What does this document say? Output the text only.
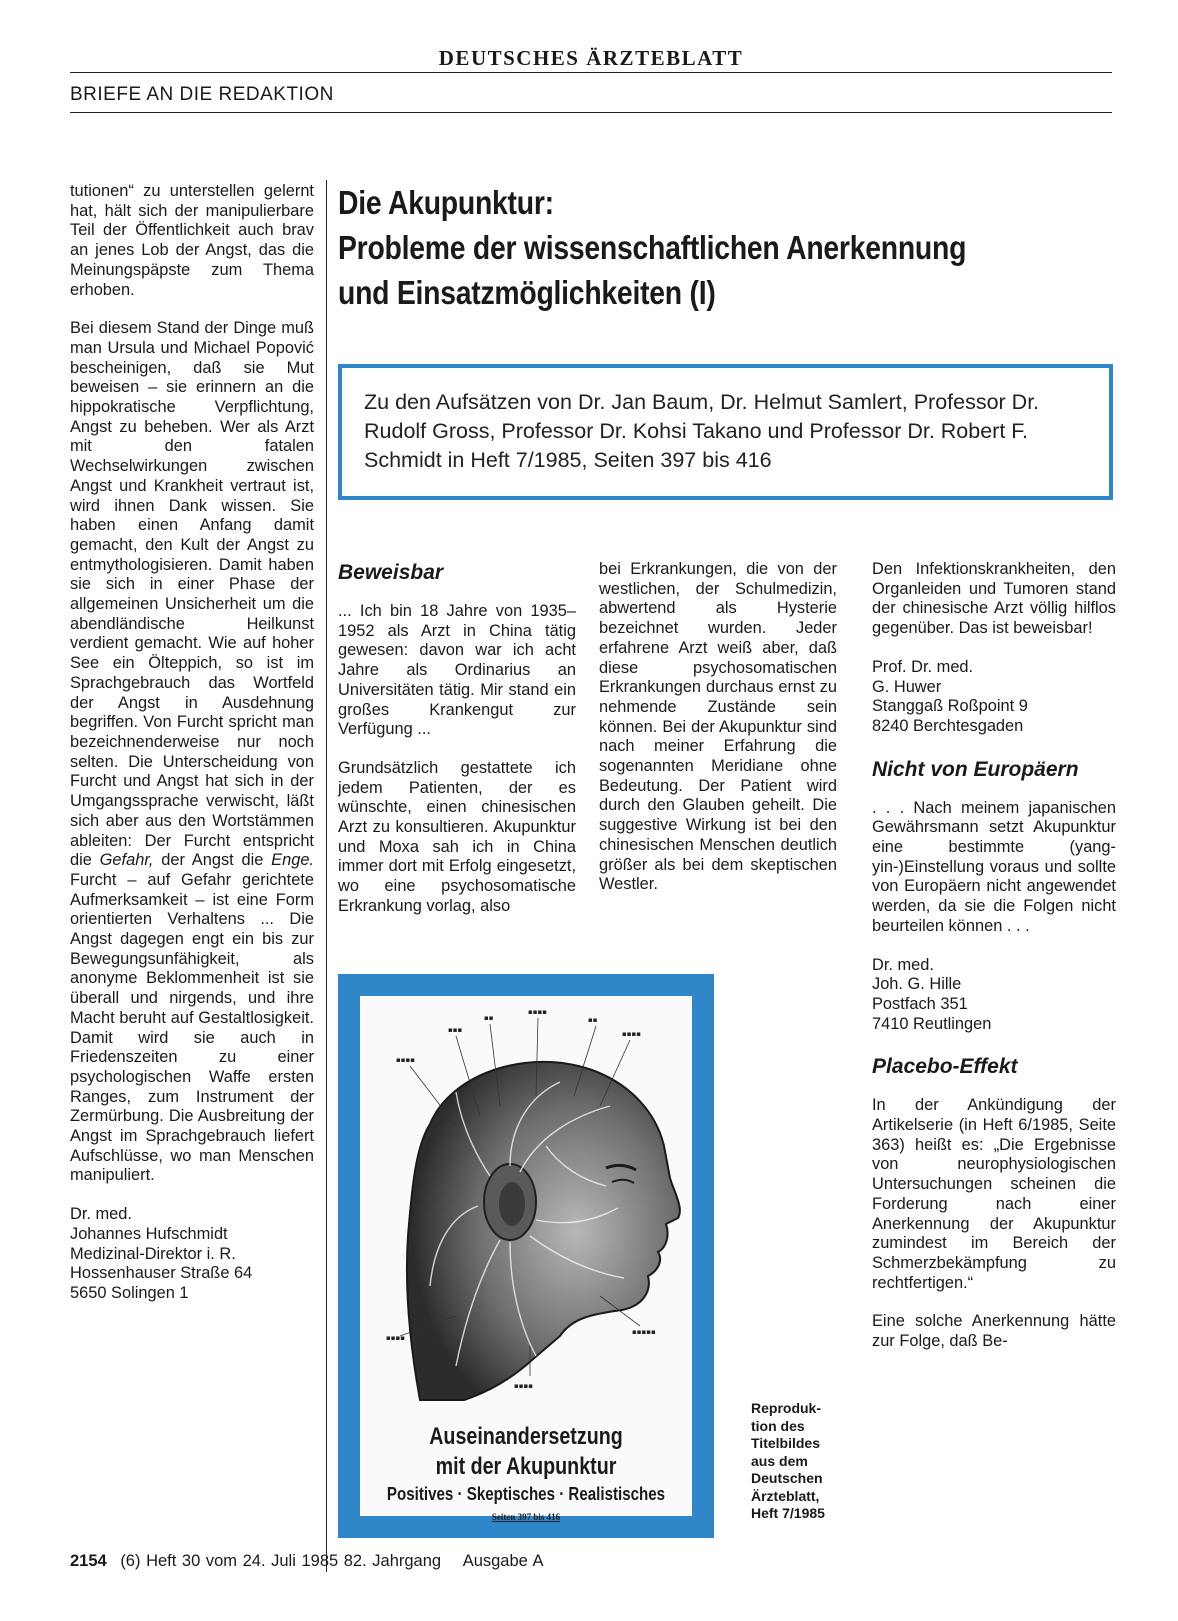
DEUTSCHES ÄRZTEBLATT
BRIEFE AN DIE REDAKTION

tutionen“ zu unterstellen gelernt hat, hält sich der manipulierbare Teil der Öffentlichkeit auch brav an jenes Lob der Angst, das die Meinungspäpste zum Thema erhoben.

Bei diesem Stand der Dinge muß man Ursula und Michael Popović bescheinigen, daß sie Mut beweisen – sie erinnern an die hippokratische Verpflichtung, Angst zu beheben. Wer als Arzt mit den fatalen Wechselwirkungen zwischen Angst und Krankheit vertraut ist, wird ihnen Dank wissen. Sie haben einen Anfang damit gemacht, den Kult der Angst zu entmythologisieren. Damit haben sie sich in einer Phase der allgemeinen Unsicherheit um die abendländische Heilkunst verdient gemacht. Wie auf hoher See ein Ölteppich, so ist im Sprachgebrauch das Wortfeld der Angst in Ausdehnung begriffen. Von Furcht spricht man bezeichnenderweise nur noch selten. Die Unterscheidung von Furcht und Angst hat sich in der Umgangssprache verwischt, läßt sich aber aus den Wortstämmen ableiten: Der Furcht entspricht die Gefahr, der Angst die Enge. Furcht – auf Gefahr gerichtete Aufmerksamkeit – ist eine Form orientierten Verhaltens ... Die Angst dagegen engt ein bis zur Bewegungsunfähigkeit, als anonyme Beklommenheit ist sie überall und nirgends, und ihre Macht beruht auf Gestaltlosigkeit. Damit wird sie auch in Friedenszeiten zu einer psychologischen Waffe ersten Ranges, zum Instrument der Zermürbung. Die Ausbreitung der Angst im Sprachgebrauch liefert Aufschlüsse, wo man Menschen manipuliert.

Dr. med.
Johannes Hufschmidt
Medizinal-Direktor i. R.
Hossenhauser Straße 64
5650 Solingen 1
Die Akupunktur:
Probleme der wissenschaftlichen Anerkennung
und Einsatzmöglichkeiten (I)
Zu den Aufsätzen von Dr. Jan Baum, Dr. Helmut Samlert, Professor Dr. Rudolf Gross, Professor Dr. Kohsi Takano und Professor Dr. Robert F. Schmidt in Heft 7/1985, Seiten 397 bis 416
Beweisbar

... Ich bin 18 Jahre von 1935–1952 als Arzt in China tätig gewesen: davon war ich acht Jahre als Ordinarius an Universitäten tätig. Mir stand ein großes Krankengut zur Verfügung ...

Grundsätzlich gestattete ich jedem Patienten, der es wünschte, einen chinesischen Arzt zu konsultieren. Akupunktur und Moxa sah ich in China immer dort mit Erfolg eingesetzt, wo eine psychosomatische Erkrankung vorlag, also

bei Erkrankungen, die von der westlichen, der Schulmedizin, abwertend als Hysterie bezeichnet wurden. Jeder erfahrene Arzt weiß aber, daß diese psychosomatischen Erkrankungen durchaus ernst zu nehmende Zustände sein können. Bei der Akupunktur sind nach meiner Erfahrung die sogenannten Meridiane ohne Bedeutung. Der Patient wird durch den Glauben geheilt. Die suggestive Wirkung ist bei den chinesischen Menschen deutlich größer als bei dem skeptischen Westler.

Den Infektionskrankheiten, den Organleiden und Tumoren stand der chinesische Arzt völlig hilflos gegenüber. Das ist beweisbar!

Prof. Dr. med.
G. Huwer
Stanggaß Roßpoint 9
8240 Berchtesgaden
Nicht von Europäern

. . . Nach meinem japanischen Gewährsmann setzt Akupunktur eine bestimmte (yang-yin-)Einstellung voraus und sollte von Europäern nicht angewendet werden, da sie die Folgen nicht beurteilen können . . .

Dr. med.
Joh. G. Hille
Postfach 351
7410 Reutlingen
Placebo-Effekt

In der Ankündigung der Artikelserie (in Heft 6/1985, Seite 363) heißt es: „Die Ergebnisse von neurophysiologischen Untersuchungen scheinen die Forderung nach einer Anerkennung der Akupunktur zumindest im Bereich der Schmerzbekämpfung zu rechtfertigen.“

Eine solche Anerkennung hätte zur Folge, daß Be-

▪▪▪
▪▪
▪▪▪▪
▪▪
▪▪▪▪
▪▪▪▪
▪▪▪▪
▪▪▪▪▪
▪▪▪▪
Auseinandersetzung
mit der Akupunktur
Positives · Skeptisches · Realistisches
Seiten 397 bis 416
Reproduk-
tion des
Titelbildes
aus dem
Deutschen
Ärzteblatt,
Heft 7/1985
2154 (6) Heft 30 vom 24. Juli 1985 82. Jahrgang Ausgabe A
